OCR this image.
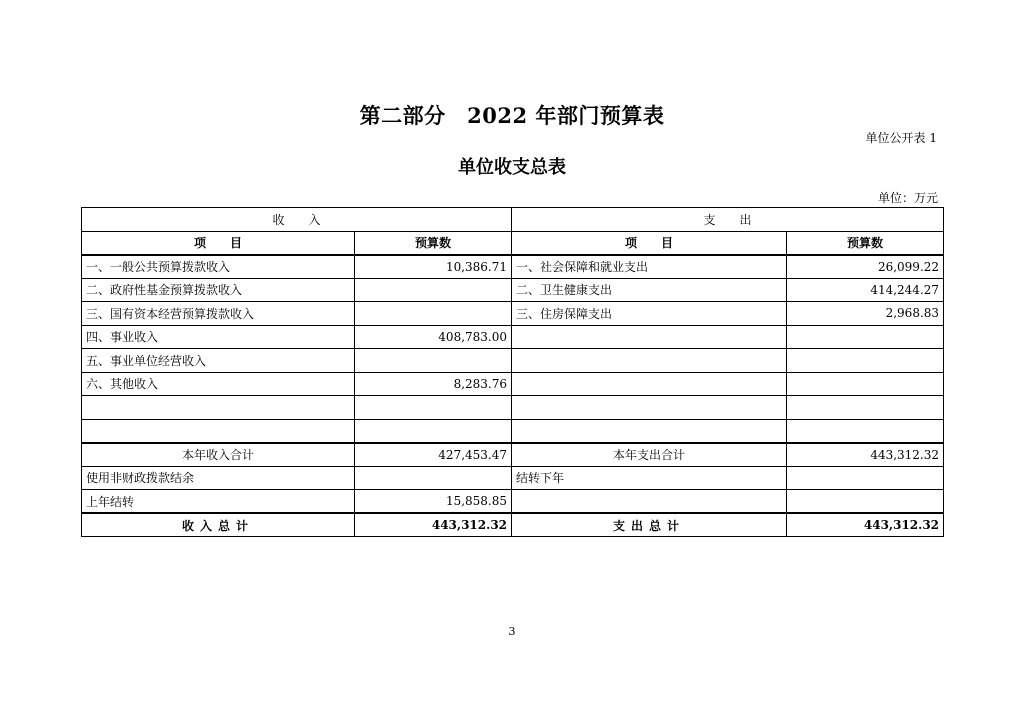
第二部分　2022 年部门预算表
单位公开表 1
单位收支总表
单位：万元
收　　入		支　　出	
项　　目	预算数	项　　目	预算数
一、一般公共预算拨款收入	10,386.71	一、社会保障和就业支出	26,099.22
二、政府性基金预算拨款收入		二、卫生健康支出	414,244.27
三、国有资本经营预算拨款收入		三、住房保障支出	2,968.83
四、事业收入	408,783.00		
五、事业单位经营收入			
六、其他收入	8,283.76		

本年收入合计	427,453.47	本年支出合计	443,312.32
使用非财政拨款结余		结转下年	
上年结转	15,858.85		
收入总计	443,312.32	支出总计	443,312.32
3
